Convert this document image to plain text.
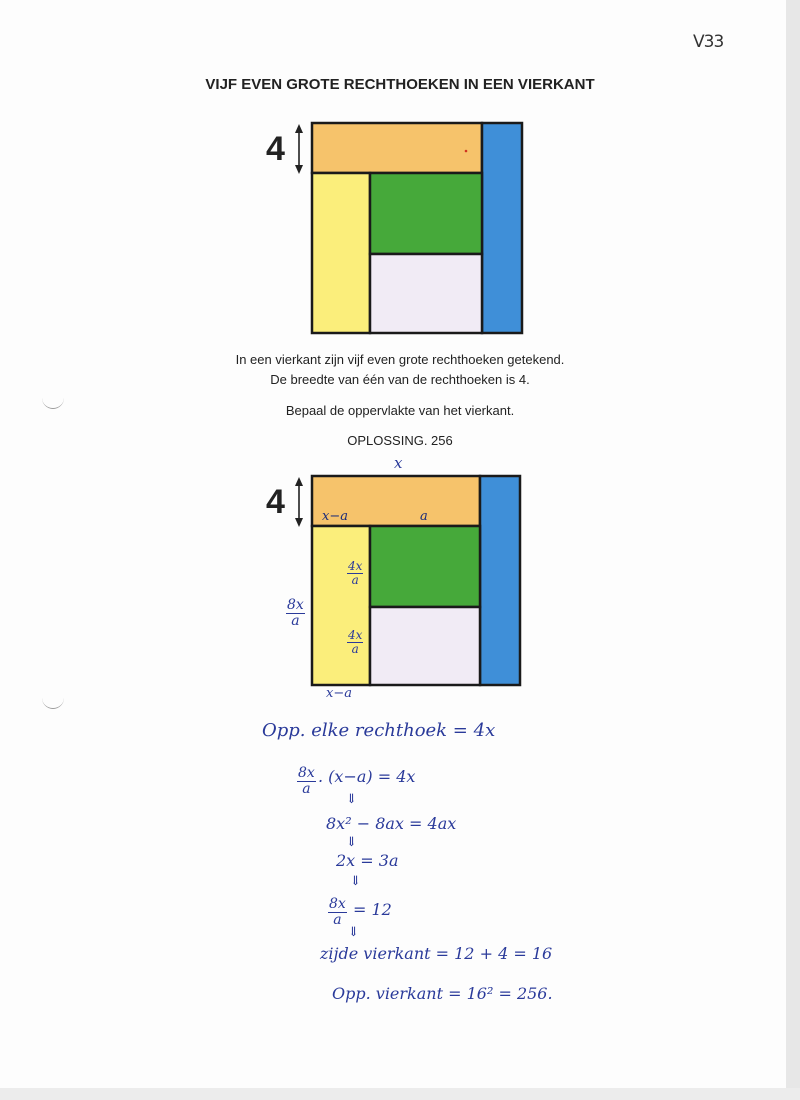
V33
VIJF EVEN GROTE RECHTHOEKEN IN EEN VIERKANT
4
4
In een vierkant zijn vijf even grote rechthoeken getekend.
De breedte van één van de rechthoeken is 4.
Bepaal de oppervlakte van het vierkant.
OPLOSSING. 256
x
x−a	a
$\frac{4x}{a}$
$\frac{4x}{a}$
$\frac{8x}{a}$
x−a
Opp. elke rechthoek = 4x
$\frac{8x}{a}$ . (x−a) = 4x
⇓
8x² − 8ax = 4ax
⇓
2x = 3a
⇓
$\frac{8x}{a} = 12$
⇓
zijde vierkant = 12 + 4 = 16
Opp. vierkant = 16² = 256.
